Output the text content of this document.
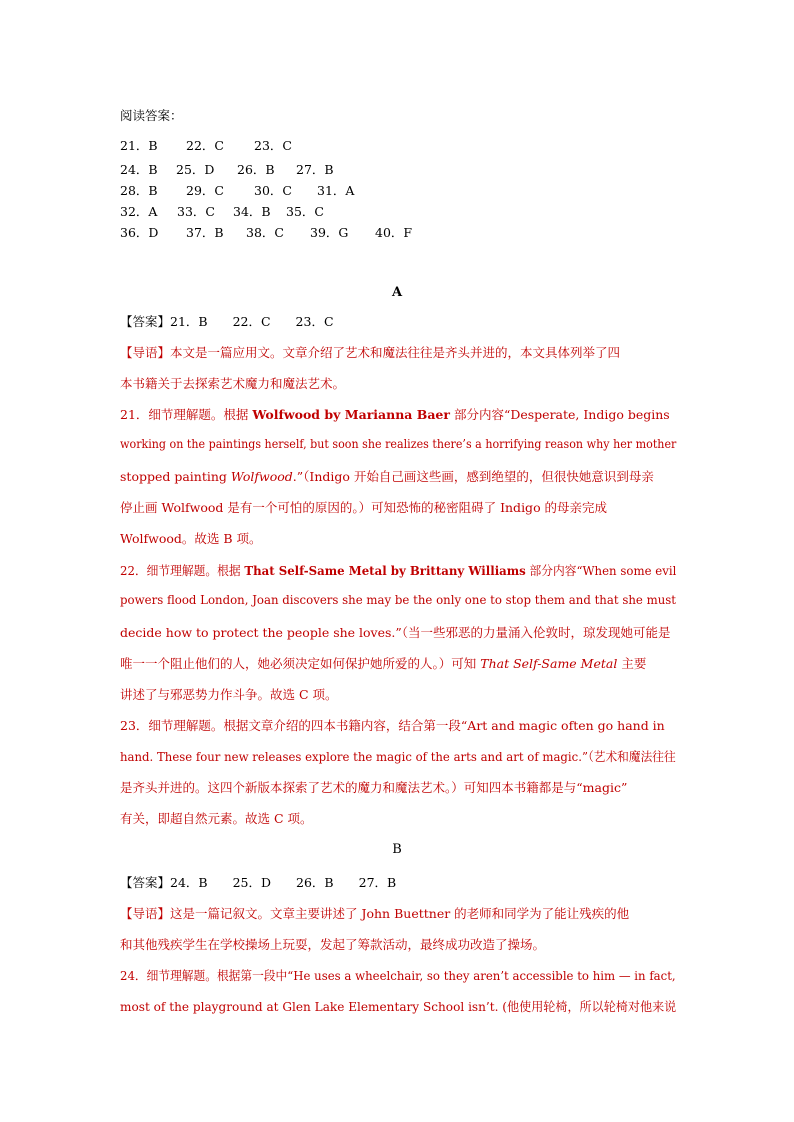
阅读答案：
21．B 22．C 23．C
24．B 25．D 26．B 27．B
28．B 29．C 30．C 31．A
32．A 33．C 34．B 35．C
36．D 37．B 38．C 39．G 40．F
A
【答案】21．B　　22．C　　23．C
【导语】本文是一篇应用文。文章介绍了艺术和魔法往往是齐头并进的，本文具体列举了四
本书籍关于去探索艺术魔力和魔法艺术。
21．细节理解题。根据 Wolfwood by Marianna Baer 部分内容“Desperate, Indigo begins
working on the paintings herself, but soon she realizes there’s a horrifying reason why her mother
stopped painting Wolfwood.”（Indigo 开始自己画这些画，感到绝望的，但很快她意识到母亲
停止画 Wolfwood 是有一个可怕的原因的。）可知恐怖的秘密阻碍了 Indigo 的母亲完成
Wolfwood。故选 B 项。
22．细节理解题。根据 That Self-Same Metal by Brittany Williams 部分内容“When some evil
powers flood London, Joan discovers she may be the only one to stop them and that she must
decide how to protect the people she loves.”（当一些邪恶的力量涌入伦敦时，琼发现她可能是
唯一一个阻止他们的人，她必须决定如何保护她所爱的人。）可知 That Self-Same Metal 主要
讲述了与邪恶势力作斗争。故选 C 项。
23．细节理解题。根据文章介绍的四本书籍内容，结合第一段“Art and magic often go hand in
hand. These four new releases explore the magic of the arts and art of magic.”（艺术和魔法往往
是齐头并进的。这四个新版本探索了艺术的魔力和魔法艺术。）可知四本书籍都是与“magic”
有关，即超自然元素。故选 C 项。
B
【答案】24．B　　25．D　　26．B　　27．B
【导语】这是一篇记叙文。文章主要讲述了 John Buettner 的老师和同学为了能让残疾的他
和其他残疾学生在学校操场上玩耍，发起了筹款活动，最终成功改造了操场。
24．细节理解题。根据第一段中“He uses a wheelchair, so they aren’t accessible to him — in fact,
most of the playground at Glen Lake Elementary School isn’t. (他使用轮椅，所以轮椅对他来说
